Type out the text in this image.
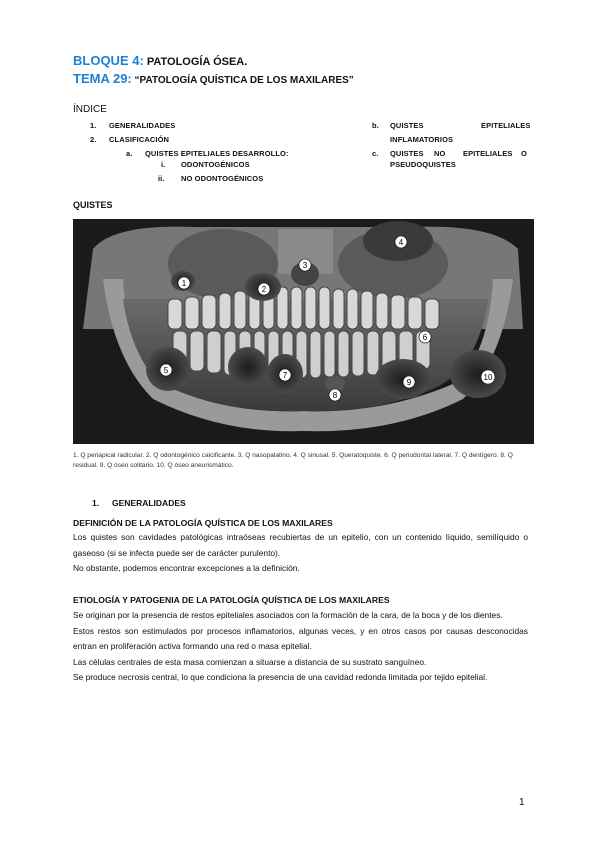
BLOQUE 4: PATOLOGÍA ÓSEA.
TEMA 29: “PATOLOGÍA QUÍSTICA DE LOS MAXILARES”
ÍNDICE
1. GENERALIDADES
2. CLASIFICACIÓN
a. QUISTES EPITELIALES DESARROLLO:
i. ODONTOGÉNICOS
ii. NO ODONTOGÉNICOS
b. QUISTES	EPITELIALES
INFLAMATORIOS
c. QUISTES NO EPITELIALES O
PSEUDOQUISTES
QUISTES
1
2
3
4
5
6
7
8
9
10
1. Q periapical radicular. 2. Q odontogénico calcificante. 3. Q nasopalatino. 4. Q sinusal. 5. Queratoquiste. 6. Q periodontal lateral. 7. Q dentígero. 8. Q residual. 9. Q óseo solitario. 10. Q óseo aneurismático.
1. GENERALIDADES
DEFINICIÓN DE LA PATOLOGÍA QUÍSTICA DE LOS MAXILARES

Los quistes son cavidades patológicas intraóseas recubiertas de un epitelio, con un contenido líquido, semilíquido o gaseoso (si se infecta puede ser de carácter purulento).

No obstante, podemos encontrar excepciones a la definición.

ETIOLOGÍA Y PATOGENIA DE LA PATOLOGÍA QUÍSTICA DE LOS MAXILARES

Se originan por la presencia de restos epiteliales asociados con la formación de la cara, de la boca y de los dientes.

Estos restos son estimulados por procesos inflamatorios, algunas veces, y en otros casos por causas desconocidas entran en proliferación activa formando una red o masa epitelial.

Las células centrales de esta masa comienzan a situarse a distancia de su sustrato sanguíneo.

Se produce necrosis central, lo que condiciona la presencia de una cavidad redonda limitada por tejido epitelial.

1
